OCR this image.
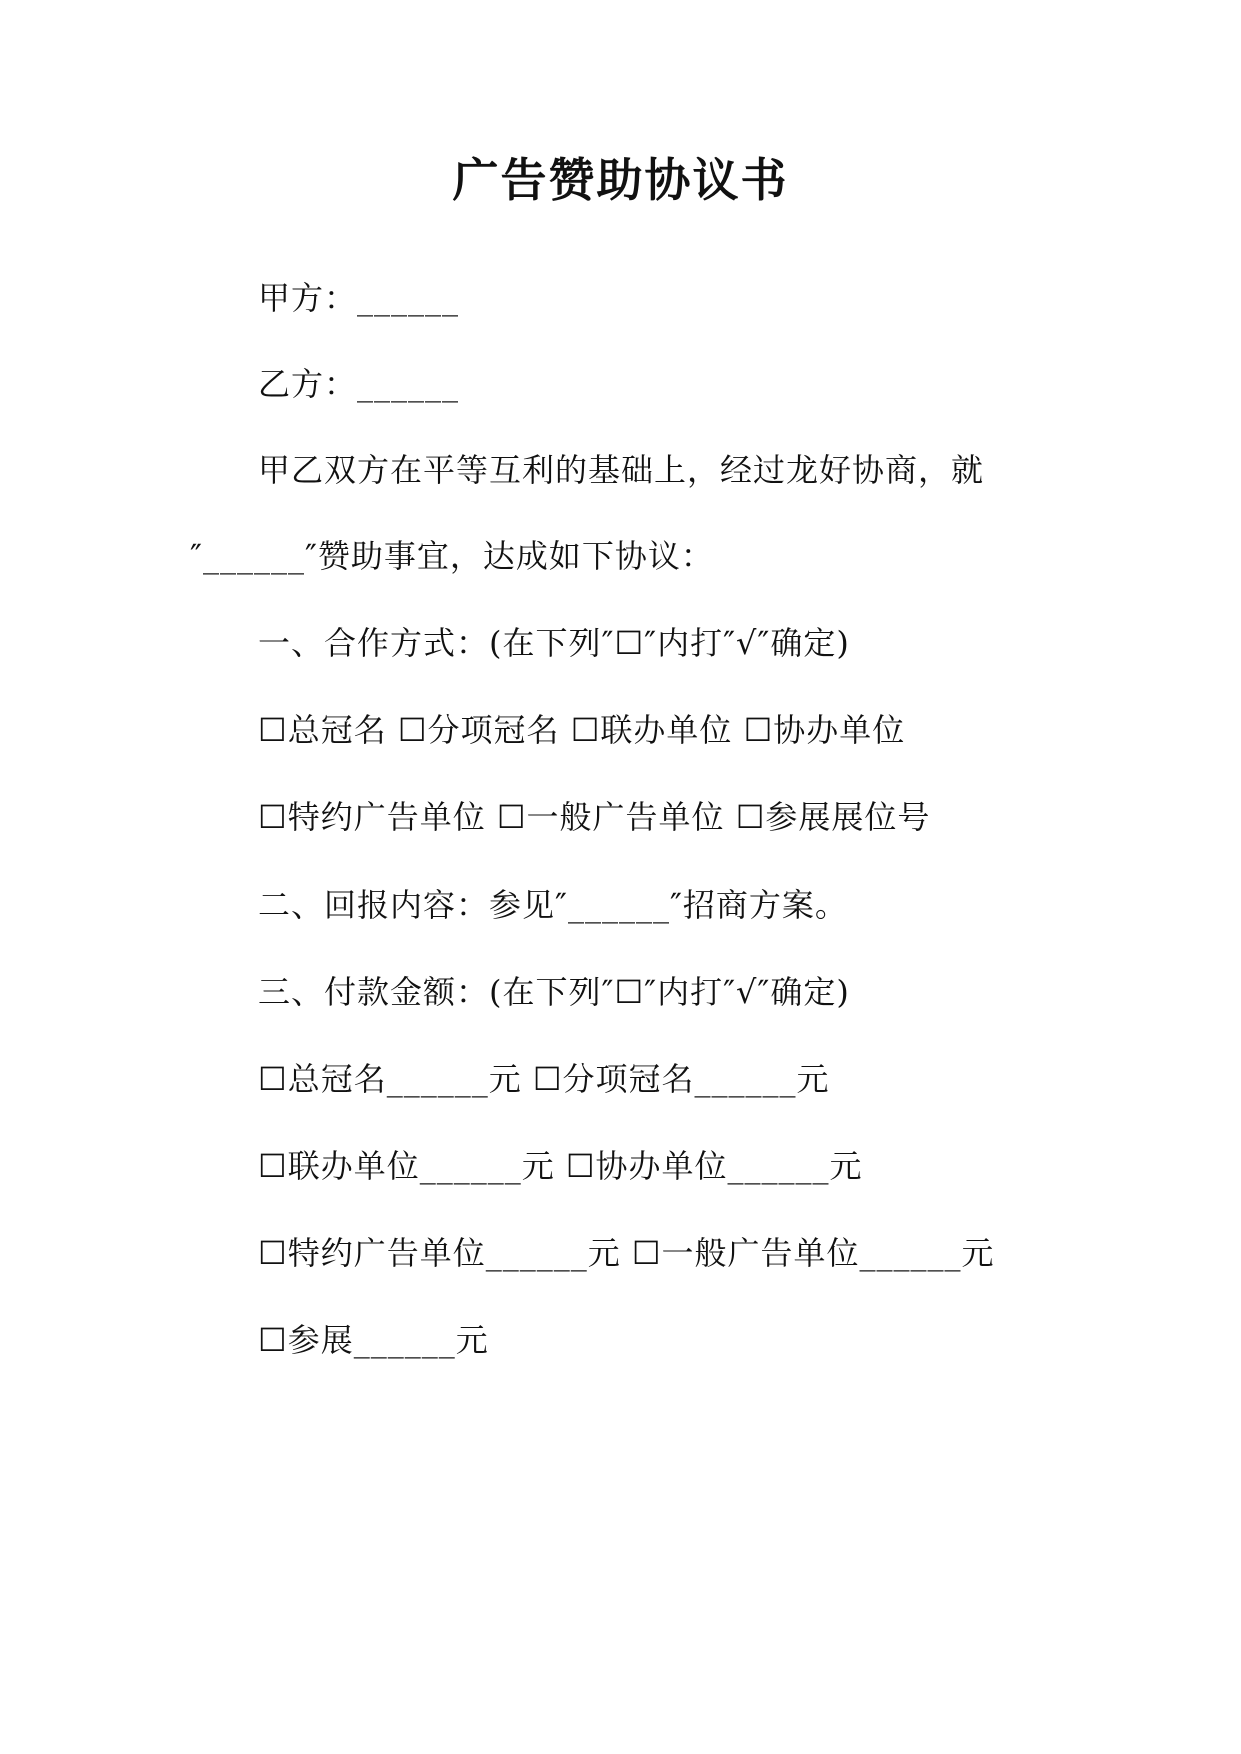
广告赞助协议书
甲方：______
乙方：______
甲乙双方在平等互利的基础上，经过龙好协商，就
″______″赞助事宜，达成如下协议：
一、合作方式：(在下列″☐″内打″√″确定)
☐总冠名 ☐分项冠名 ☐联办单位 ☐协办单位
☐特约广告单位 ☐一般广告单位 ☐参展展位号
二、回报内容：参见″______″招商方案。
三、付款金额：(在下列″☐″内打″√″确定)
☐总冠名______元 ☐分项冠名______元
☐联办单位______元 ☐协办单位______元
☐特约广告单位______元 ☐一般广告单位______元
☐参展______元
